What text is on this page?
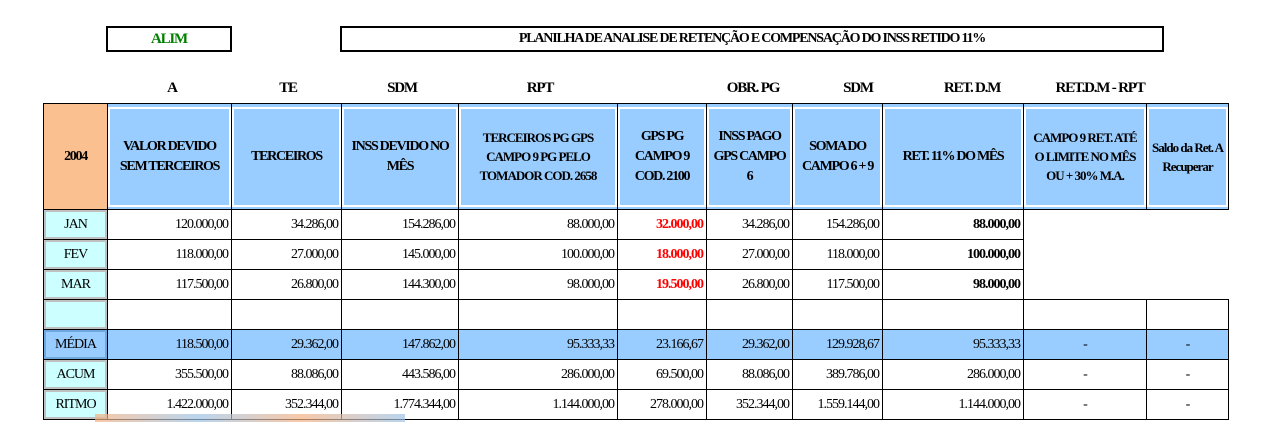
ALIM	PLANILHA DE ANALISE DE RETENÇÃO E COMPENSAÇÃO DO INSS RETIDO 11%
A	TE	SDM	RPT	OBR. PG	SDM	RET. D.M	RET.D.M - RPT
2004	VALOR DEVIDO SEM TERCEIROS	TERCEIROS	INSS DEVIDO NO MÊS	TERCEIROS PG GPS CAMPO 9 PG PELO TOMADOR COD. 2658	GPS PG CAMPO 9 COD. 2100	INSS PAGO GPS CAMPO 6	SOMA DO CAMPO 6 + 9	RET. 11% DO MÊS	CAMPO 9 RET. ATÉ O LIMITE NO MÊS OU + 30% M.A.	Saldo da Ret. A Recuperar

JAN	120.000,00	34.286,00	154.286,00	88.000,00	32.000,00	34.286,00	154.286,00	88.000,00		

FEV	118.000,00	27.000,00	145.000,00	100.000,00	18.000,00	27.000,00	118.000,00	100.000,00		

MAR	117.500,00	26.800,00	144.300,00	98.000,00	19.500,00	26.800,00	117.500,00	98.000,00		

MÉDIA	118.500,00	29.362,00	147.862,00	95.333,33	23.166,67	29.362,00	129.928,67	95.333,33	-	-

ACUM	355.500,00	88.086,00	443.586,00	286.000,00	69.500,00	88.086,00	389.786,00	286.000,00	-	-

RITMO	1.422.000,00	352.344,00	1.774.344,00	1.144.000,00	278.000,00	352.344,00	1.559.144,00	1.144.000,00	-	-
